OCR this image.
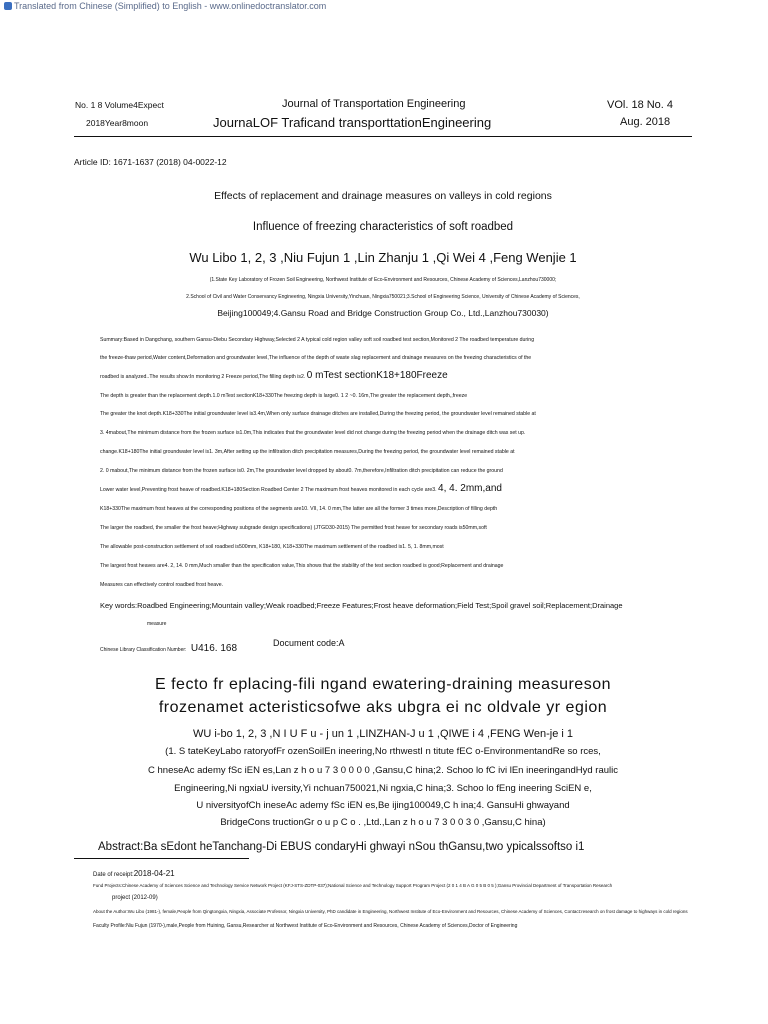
Translated from Chinese (Simplified) to English - www.onlinedoctranslator.com
No. 1 8 Volume4Expect
2018Year8moon
Journal of Transportation Engineering
JournaLOF Traficand transporttationEngineering
VOl. 18 No. 4
Aug. 2018
Article ID: 1671-1637 (2018) 04-0022-12
Effects of replacement and drainage measures on valleys in cold regions
Influence of freezing characteristics of soft roadbed
Wu Libo 1, 2, 3 ,Niu Fujun 1 ,Lin Zhanju 1 ,Qi Wei 4 ,Feng Wenjie 1
(1.State Key Laboratory of Frozen Soil Engineering, Northwest Institute of Eco-Environment and Resources, Chinese Academy of Sciences,Lanzhou730000;
2.School of Civil and Water Conservancy Engineering, Ningxia University,Yinchuan, Ningxia750021;3.School of Engineering Science, University of Chinese Academy of Sciences,
Beijing100049;4.Gansu Road and Bridge Construction Group Co., Ltd.,Lanzhou730030)
Summary:Based in Dangchang, southern Gansu-Diebu Secondary Highway,Selected 2 A typical cold region valley soft soil roadbed test section,Monitored 2 The roadbed temperature during
the freeze-thaw period,Water content,Deformation and groundwater level,The influence of the depth of waste slag replacement and drainage measures on the freezing characteristics of the
roadbed is analyzed..The results show:In monitoring 2 Freeze period,The filling depth is2. 0 mTest sectionK18+180Freeze
The depth is greater than the replacement depth.1.0 mTest sectionK18+330The freezing depth is large0. 1 2 ~0. 16m,The greater the replacement depth,,freeze
The greater the knot depth.K18+330The initial groundwater level is3.4m,When only surface drainage ditches are installed,During the freezing period, the groundwater level remained stable at
3. 4mabout,The minimum distance from the frozen surface is1.0m,This indicates that the groundwater level did not change during the freezing period when the drainage ditch was set up.
change.K18+180The initial groundwater level is1. 3m,After setting up the infiltration ditch precipitation measures,During the freezing period, the groundwater level remained stable at
2. 0 mabout,The minimum distance from the frozen surface is0. 2m,The groundwater level dropped by about0. 7m,therefore,Infiltration ditch precipitation can reduce the ground
Lower water level,Preventing frost heave of roadbed.K18+180Section Roadbed Center 2 The maximum frost heaves monitored in each cycle are3. 4, 4. 2mm,and
K18+330The maximum frost heaves at the corresponding positions of the segments are10. VII, 14. 0 mm,The latter are all the former 3 times more,Description of filling depth
The larger the roadbed, the smaller the frost heave;Highway subgrade design specifications) (JTGD30-2015) The permitted frost heave for secondary roads is50mm,soft
The allowable post-construction settlement of soil roadbed is500mm, K18+180, K18+330The maximum settlement of the roadbed is1. 5, 1. 8mm,most
The largest frost heaves are4. 2, 14. 0 mm,Much smaller than the specification value,This shows that the stability of the test section roadbed is good;Replacement and drainage
Measures can effectively control roadbed frost heave.
Key words:Roadbed Engineering;Mountain valley;Weak roadbed;Freeze Features;Frost heave deformation;Field Test;Spoil gravel soil;Replacement;Drainage
measure
Chinese Library Classification Number: U416. 168	Document code:A
E fecto fr eplacing-fili ngand ewatering-draining measureson
frozenamet acteristicsofwe aks ubgra ei nc oldvale yr egion
WU i-bo 1, 2, 3 ,N I U F u - j un 1 ,LINZHAN-J u 1 ,QIWE i 4 ,FENG Wen-je i 1
(1. S tateKeyLabo ratoryofFr ozenSoilEn ineering,No rthwestI n titute fEC o-EnvironmentandRe so rces,
C hneseAc ademy fSc iEN es,Lan z h o u 7 3 0 0 0 0 ,Gansu,C hina;2. Schoo lo fC ivi lEn ineeringandHyd raulic
Engineering,Ni ngxiaU iversity,Yi nchuan750021,Ni ngxia,C hina;3. Schoo lo fEng ineering SciEN e,
U niversityofCh ineseAc ademy fSc iEN es,Be ijing100049,C h ina;4. GansuHi ghwayand
BridgeCons tructionGr o u p C o . ,Ltd.,Lan z h o u 7 3 0 0 3 0 ,Gansu,C hina)
Abstract:Ba sEdont heTanchang-Di EBUS condaryHi ghwayi nSou thGansu,two ypicalssoftso i1
Date of receipt:2018-04-21
Fund Projects:Chinese Academy of Sciences Science and Technology Service Network Project (KFJ-STS-ZDTP-037);National Science and Technology Support Program Project (2 0 1 4 B A G 0 5 B 0 5 );Gansu Provincial Department of Transportation Research
project (2012-09)
About the Author:Wu Libo (1981-), female,People from Qingtongxia, Ningxia, Associate Professor, Ningxia University, PhD candidate in Engineering, Northwest Institute of Eco-Environment and Resources, Chinese Academy of Sciences, Contact:research on frost damage to highways in cold regions
Faculty Profile:Niu Fujun (1970-),male,People from Huining, Gansu,Researcher at Northwest Institute of Eco-Environment and Resources, Chinese Academy of Sciences,Doctor of Engineering
